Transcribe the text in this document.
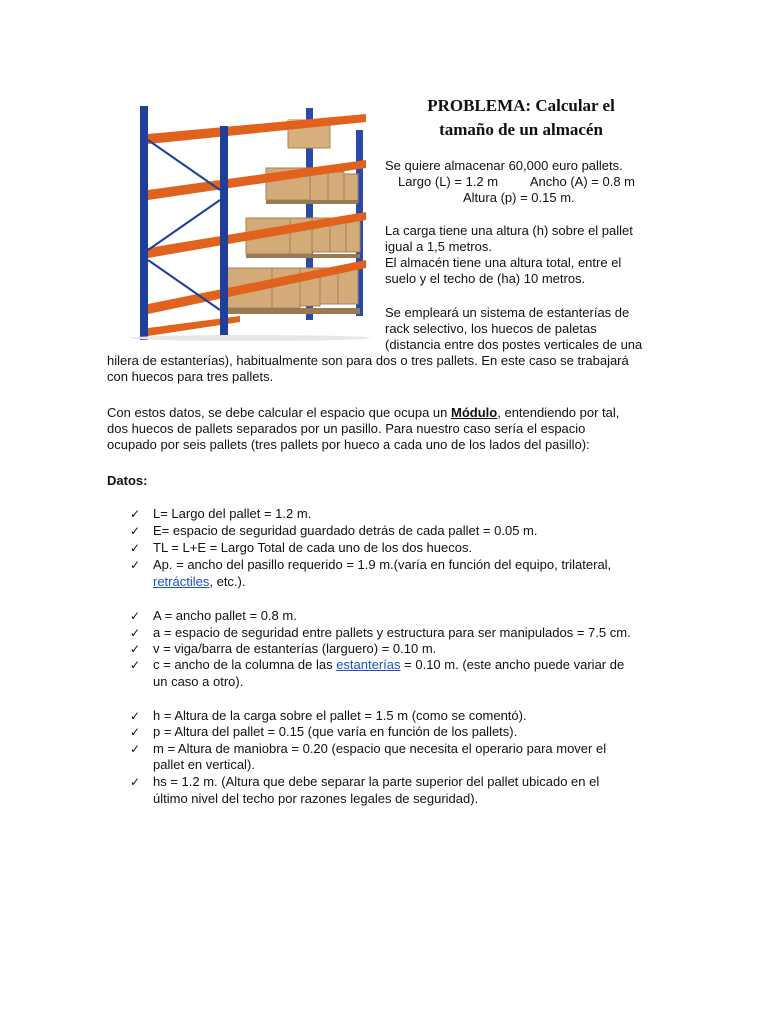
PROBLEMA: Calcular el
tamaño de un almacén
Se quiere almacenar 60,000 euro pallets.
Largo (L) = 1.2 m         Ancho (A) = 0.8 m
Altura (p) = 0.15 m.
La carga tiene una altura (h) sobre el pallet
igual a 1,5 metros.
El almacén tiene una altura total, entre el
suelo y el techo de (ha) 10 metros.
Se empleará un sistema de estanterías de
rack selectivo, los huecos de paletas
(distancia entre dos postes verticales de una
hilera de estanterías), habitualmente son para dos o tres pallets. En este caso se trabajará
con huecos para tres pallets.
Con estos datos, se debe calcular el espacio que ocupa un Módulo, entendiendo por tal,
dos huecos de pallets separados por un pasillo. Para nuestro caso sería el espacio
ocupado por seis pallets (tres pallets por hueco a cada uno de los lados del pasillo):
Datos:
✓ L= Largo del pallet = 1.2 m.
✓ E= espacio de seguridad guardado detrás de cada pallet = 0.05 m.
✓ TL = L+E = Largo Total de cada uno de los dos huecos.
✓ Ap. = ancho del pasillo requerido = 1.9 m.(varía en función del equipo, trilateral,
retráctiles, etc.).
✓ A = ancho pallet = 0.8 m.
✓ a = espacio de seguridad entre pallets y estructura para ser manipulados = 7.5 cm.
✓ v = viga/barra de estanterías (larguero) = 0.10 m.
✓ c = ancho de la columna de las estanterías = 0.10 m. (este ancho puede variar de
un caso a otro).
✓ h = Altura de la carga sobre el pallet = 1.5 m (como se comentó).
✓ p = Altura del pallet = 0.15 (que varía en función de los pallets).
✓ m = Altura de maniobra = 0.20 (espacio que necesita el operario para mover el
pallet en vertical).
✓ hs = 1.2 m. (Altura que debe separar la parte superior del pallet ubicado en el
último nivel del techo por razones legales de seguridad).
